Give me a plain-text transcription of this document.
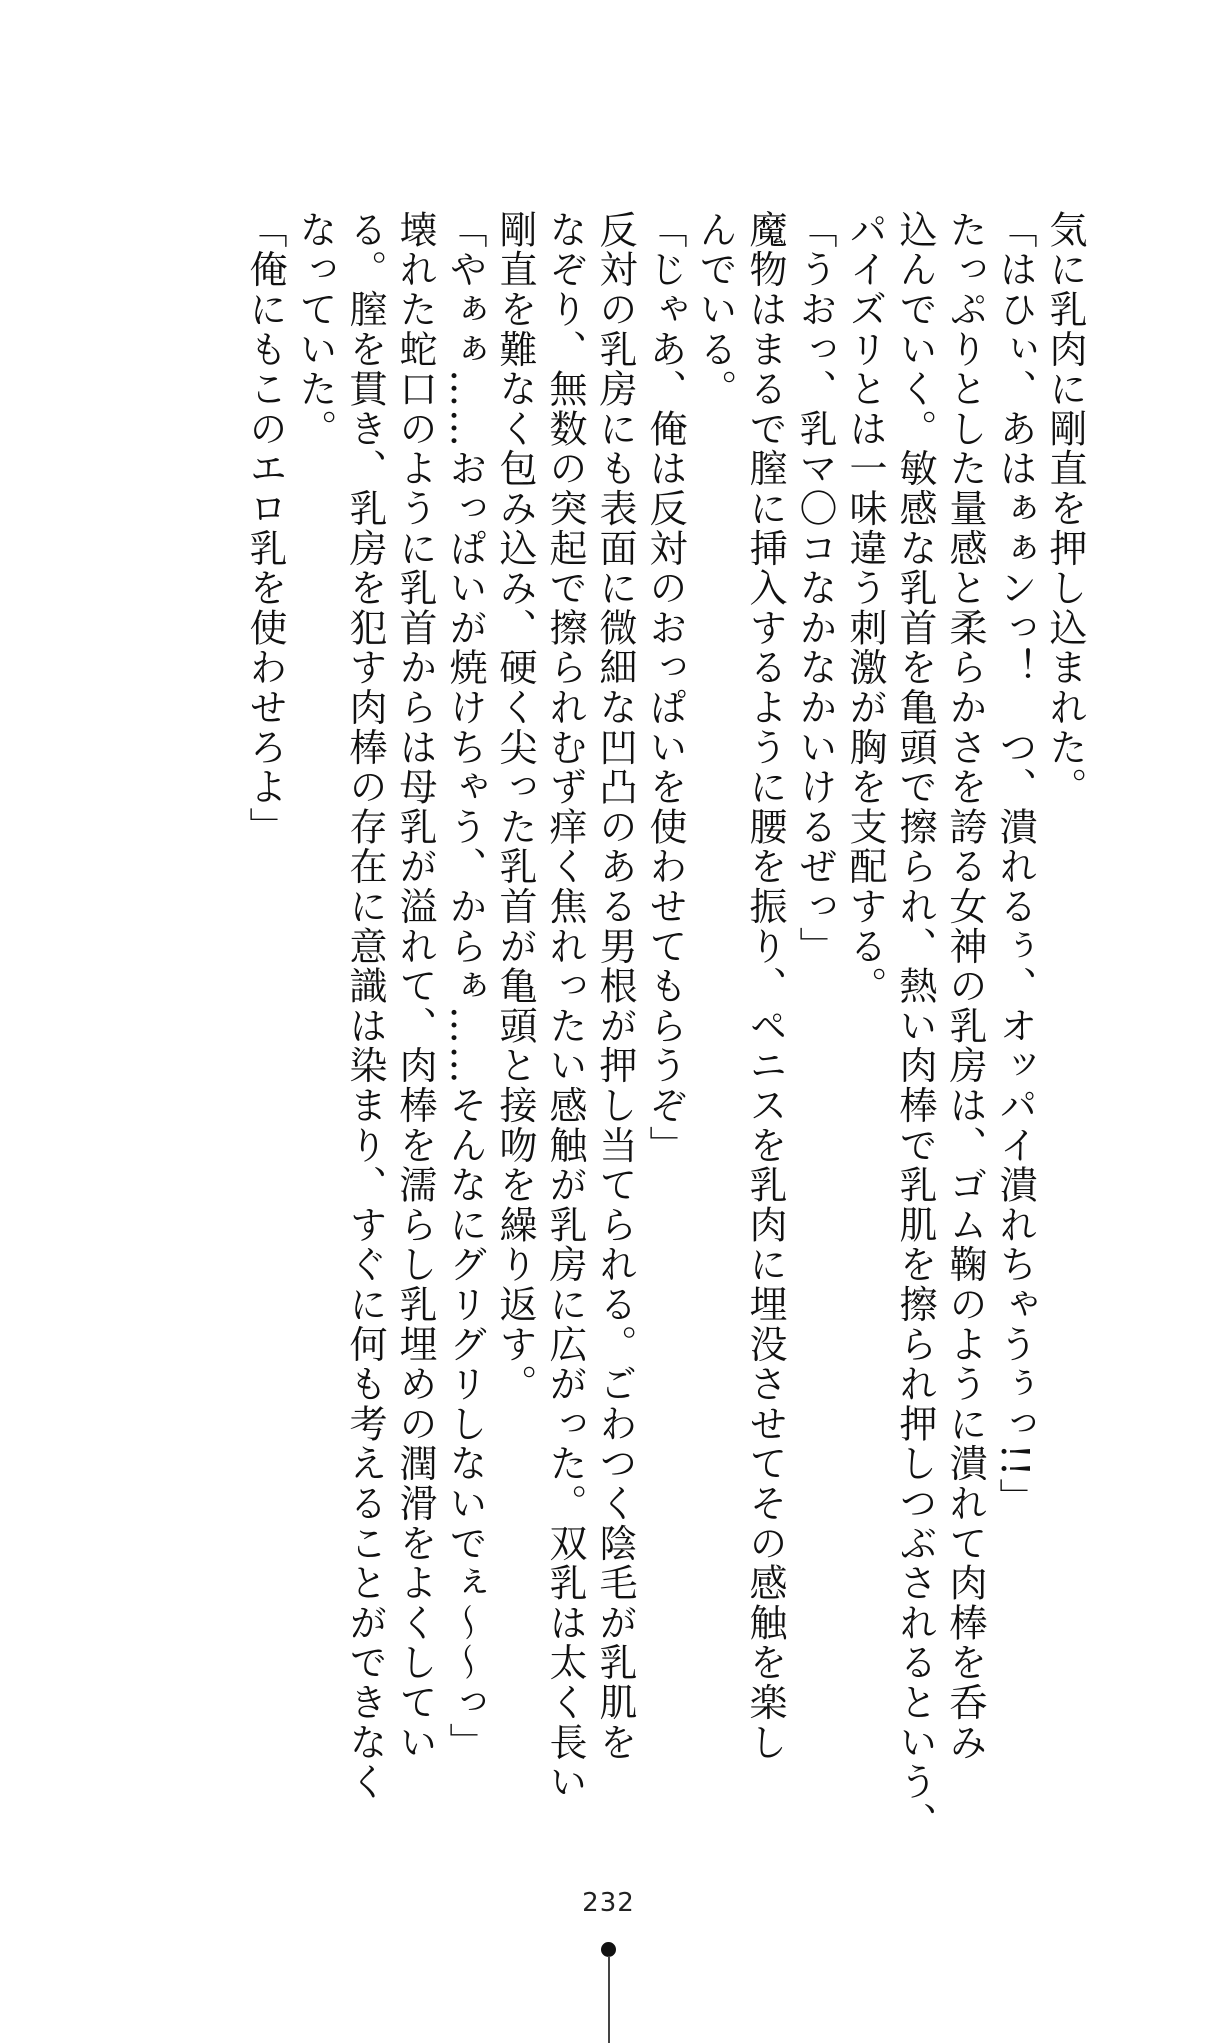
気に乳肉に剛直を押し込まれた。
「はひぃ、あはぁぁンっ！　つ、潰れるぅ、オッパイ潰れちゃうぅっ!!」
たっぷりとした量感と柔らかさを誇る女神の乳房は、ゴム鞠のように潰れて肉棒を呑み
込んでいく。敏感な乳首を亀頭で擦られ、熱い肉棒で乳肌を擦られ押しつぶされるという、
パイズリとは一味違う刺激が胸を支配する。
「うおっ、乳マ〇コなかなかいけるぜっ」
魔物はまるで膣に挿入するように腰を振り、ペニスを乳肉に埋没させてその感触を楽し
んでいる。
「じゃあ、俺は反対のおっぱいを使わせてもらうぞ」
反対の乳房にも表面に微細な凹凸のある男根が押し当てられる。ごわつく陰毛が乳肌を
なぞり、無数の突起で擦られむず痒く焦れったい感触が乳房に広がった。双乳は太く長い
剛直を難なく包み込み、硬く尖った乳首が亀頭と接吻を繰り返す。
「やぁぁ……おっぱいが焼けちゃう、からぁ……そんなにグリグリしないでぇ～～っ」
壊れた蛇口のように乳首からは母乳が溢れて、肉棒を濡らし乳埋めの潤滑をよくしてい
る。膣を貫き、乳房を犯す肉棒の存在に意識は染まり、すぐに何も考えることができなく
なっていた。
「俺にもこのエロ乳を使わせろよ」
232
